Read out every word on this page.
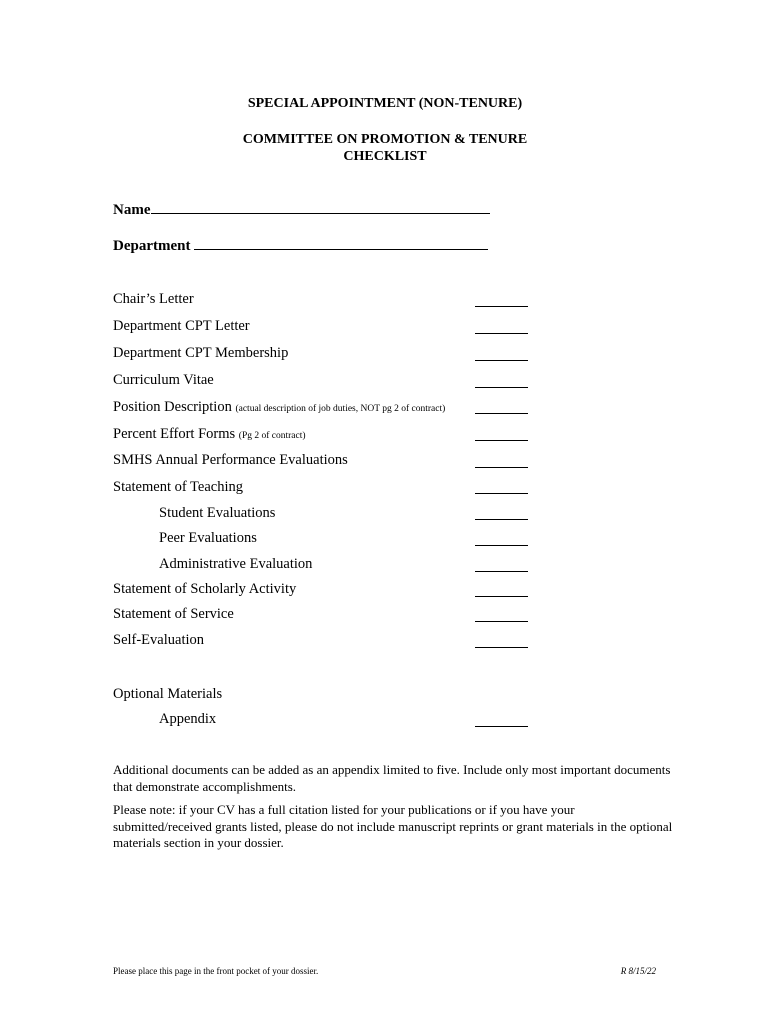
SPECIAL APPOINTMENT (NON-TENURE)
COMMITTEE ON PROMOTION & TENURE
CHECKLIST
Name
Department
Chair’s Letter
Department CPT Letter
Department CPT Membership
Curriculum Vitae
Position Description (actual description of job duties, NOT pg 2 of contract)
Percent Effort Forms (Pg 2 of contract)
SMHS Annual Performance Evaluations
Statement of Teaching
Student Evaluations
Peer Evaluations
Administrative Evaluation
Statement of Scholarly Activity
Statement of Service
Self-Evaluation
Optional Materials
Appendix
Additional documents can be added as an appendix limited to five. Include only most important documents that demonstrate accomplishments.
Please note: if your CV has a full citation listed for your publications or if you have your submitted/received grants listed, please do not include manuscript reprints or grant materials in the optional materials section in your dossier.
Please place this page in the front pocket of your dossier.	R 8/15/22
